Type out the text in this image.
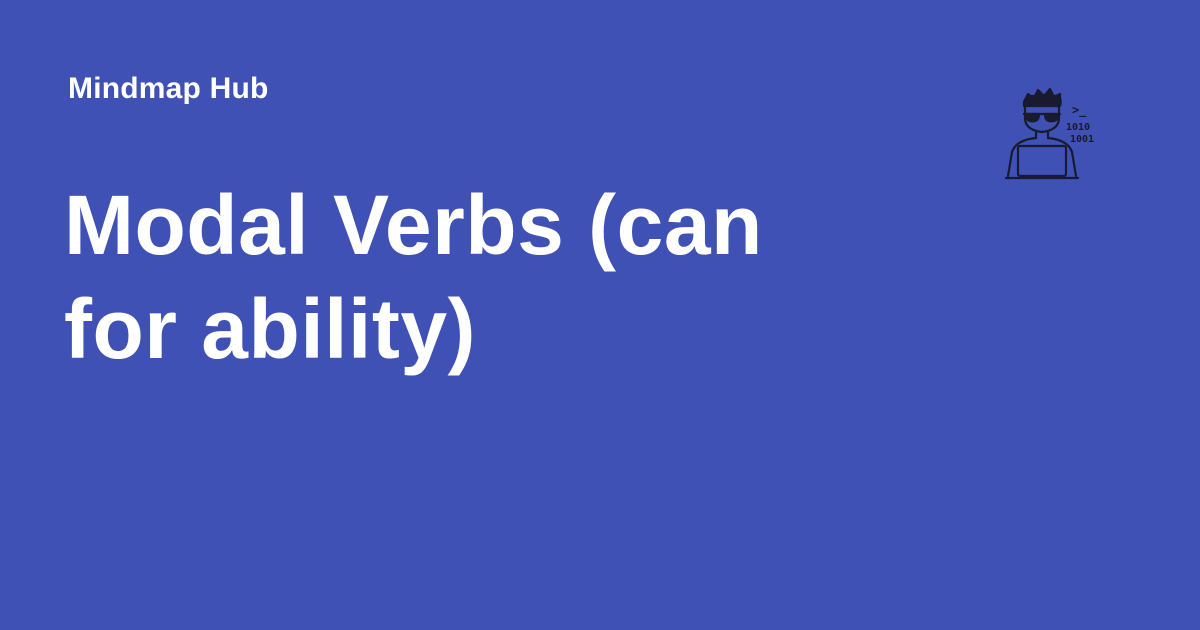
Mindmap Hub
Modal Verbs (can for ability)
>_
1010
1001
